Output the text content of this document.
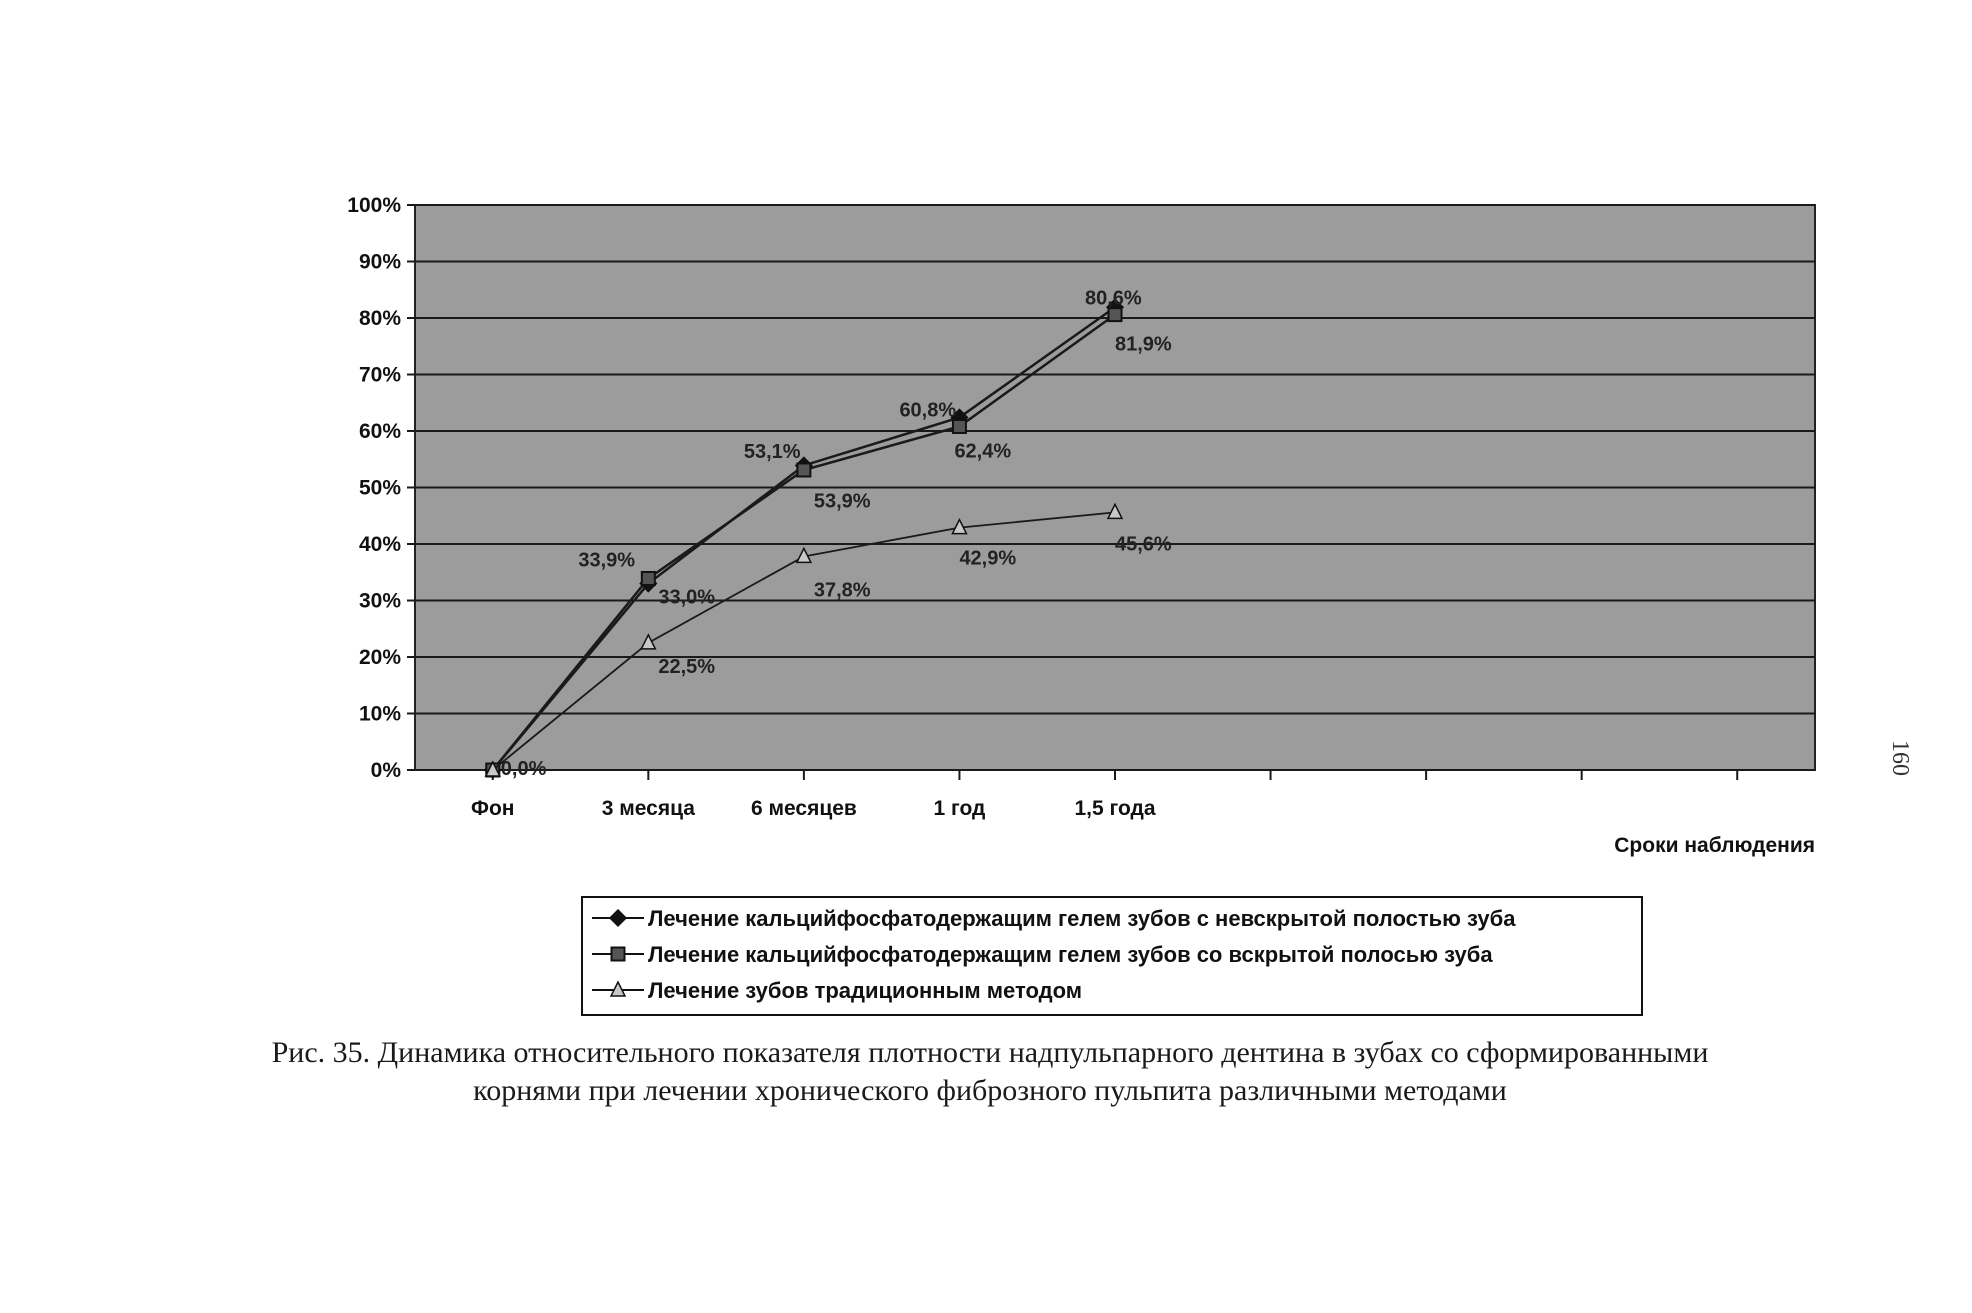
0%
10%
20%
30%
40%
50%
60%
70%
80%
90%
100%
Фон	3 месяца	6 месяцев	1 год	1,5 года
Сроки наблюдения
0,0%
33,0%
53,9%
62,4%
81,9%
33,9%
53,1%
60,8%
80,6%
22,5%
37,8%
42,9%
45,6%
Лечение кальцийфосфатодержащим гелем зубов с невскрытой полостью зуба
Лечение кальцийфосфатодержащим гелем зубов со вскрытой полосью зуба
Лечение зубов традиционным методом
Рис. 35. Динамика относительного показателя плотности надпульпарного дентина в зубах со сформированными
корнями при лечении хронического фиброзного пульпита различными методами
160
